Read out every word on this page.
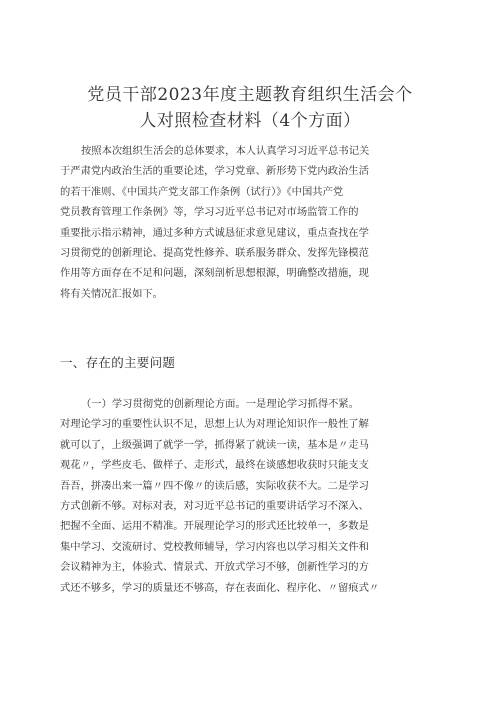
党员干部2023年度主题教育组织生活会个
人对照检查材料（4个方面）
按照本次组织生活会的总体要求，本人认真学习习近平总书记关
于严肃党内政治生活的重要论述，学习党章、新形势下党内政治生活
的若干准则、《中国共产党支部工作条例（试行）》《中国共产党
党员教育管理工作条例》等，学习习近平总书记对市场监管工作的
重要批示指示精神，通过多种方式诚恳征求意见建议，重点查找在学
习贯彻党的创新理论、提高党性修养、联系服务群众、发挥先锋模范
作用等方面存在不足和问题，深刻剖析思想根源，明确整改措施，现
将有关情况汇报如下。
一、存在的主要问题
（一）学习贯彻党的创新理论方面。一是理论学习抓得不紧。
对理论学习的重要性认识不足，思想上认为对理论知识作一般性了解
就可以了，上级强调了就学一学，抓得紧了就读一读，基本是〃走马
观花〃，学些皮毛、做样子、走形式，最终在谈感想收获时只能支支
吾吾，拼凑出来一篇〃四不像〃的读后感，实际收获不大。二是学习
方式创新不够。对标对表，对习近平总书记的重要讲话学习不深入、
把握不全面、运用不精准。开展理论学习的形式还比较单一，多数是
集中学习、交流研讨、党校教师辅导，学习内容也以学习相关文件和
会议精神为主，体验式、情景式、开放式学习不够，创新性学习的方
式还不够多，学习的质量还不够高，存在表面化、程序化、〃留痕式〃
